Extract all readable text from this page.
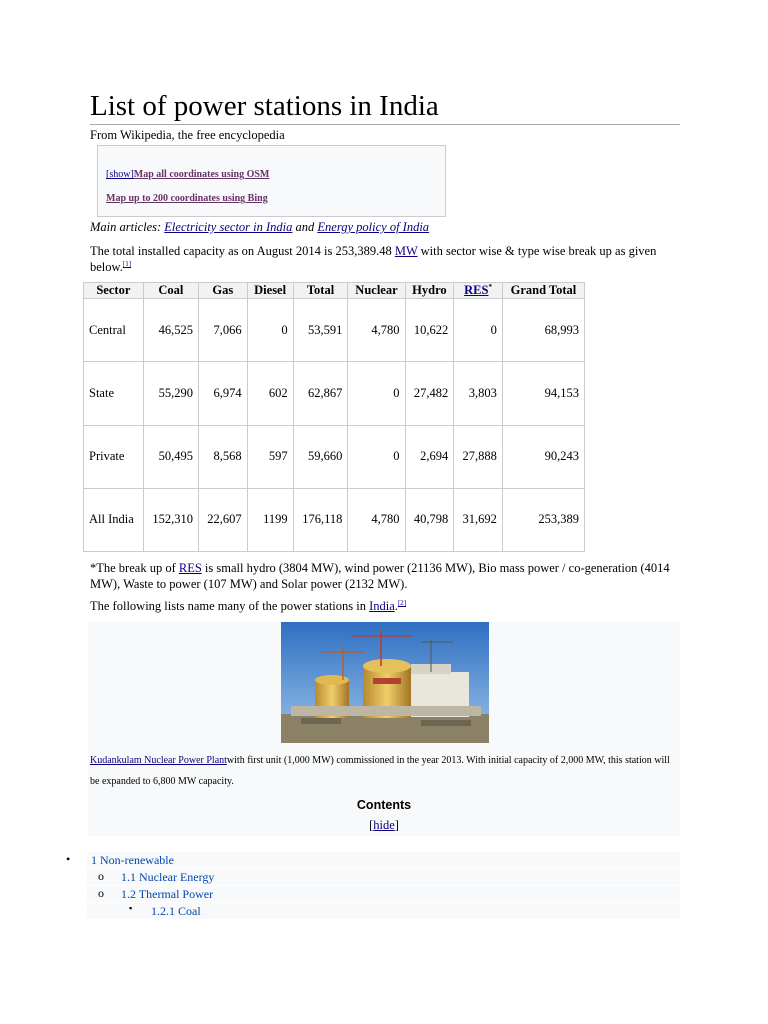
List of power stations in India
From Wikipedia, the free encyclopedia
[show]Map all coordinates using OSM
Map up to 200 coordinates using Bing
Main articles: Electricity sector in India and Energy policy of India
The total installed capacity as on August 2014 is 253,389.48 MW with sector wise & type wise break up as given below.[1]
Sector	Coal	Gas	Diesel	Total	Nuclear	Hydro	RES*	Grand Total
Central	46,525	7,066	0	53,591	4,780	10,622	0	68,993
State	55,290	6,974	602	62,867	0	27,482	3,803	94,153
Private	50,495	8,568	597	59,660	0	2,694	27,888	90,243
All India	152,310	22,607	1199	176,118	4,780	40,798	31,692	253,389
*The break up of RES is small hydro (3804 MW), wind power (21136 MW), Bio mass power / co-generation (4014 MW), Waste to power (107 MW) and Solar power (2132 MW).
The following lists name many of the power stations in India.[2]
Kudankulam Nuclear Power Plantwith first unit (1,000 MW) commissioned in the year 2013. With initial capacity of 2,000 MW, this station will be expanded to 6,800 MW capacity.
Contents
[hide]
• 1 Non-renewable
o 1.1 Nuclear Energy
o 1.2 Thermal Power
▪ 1.2.1 Coal
